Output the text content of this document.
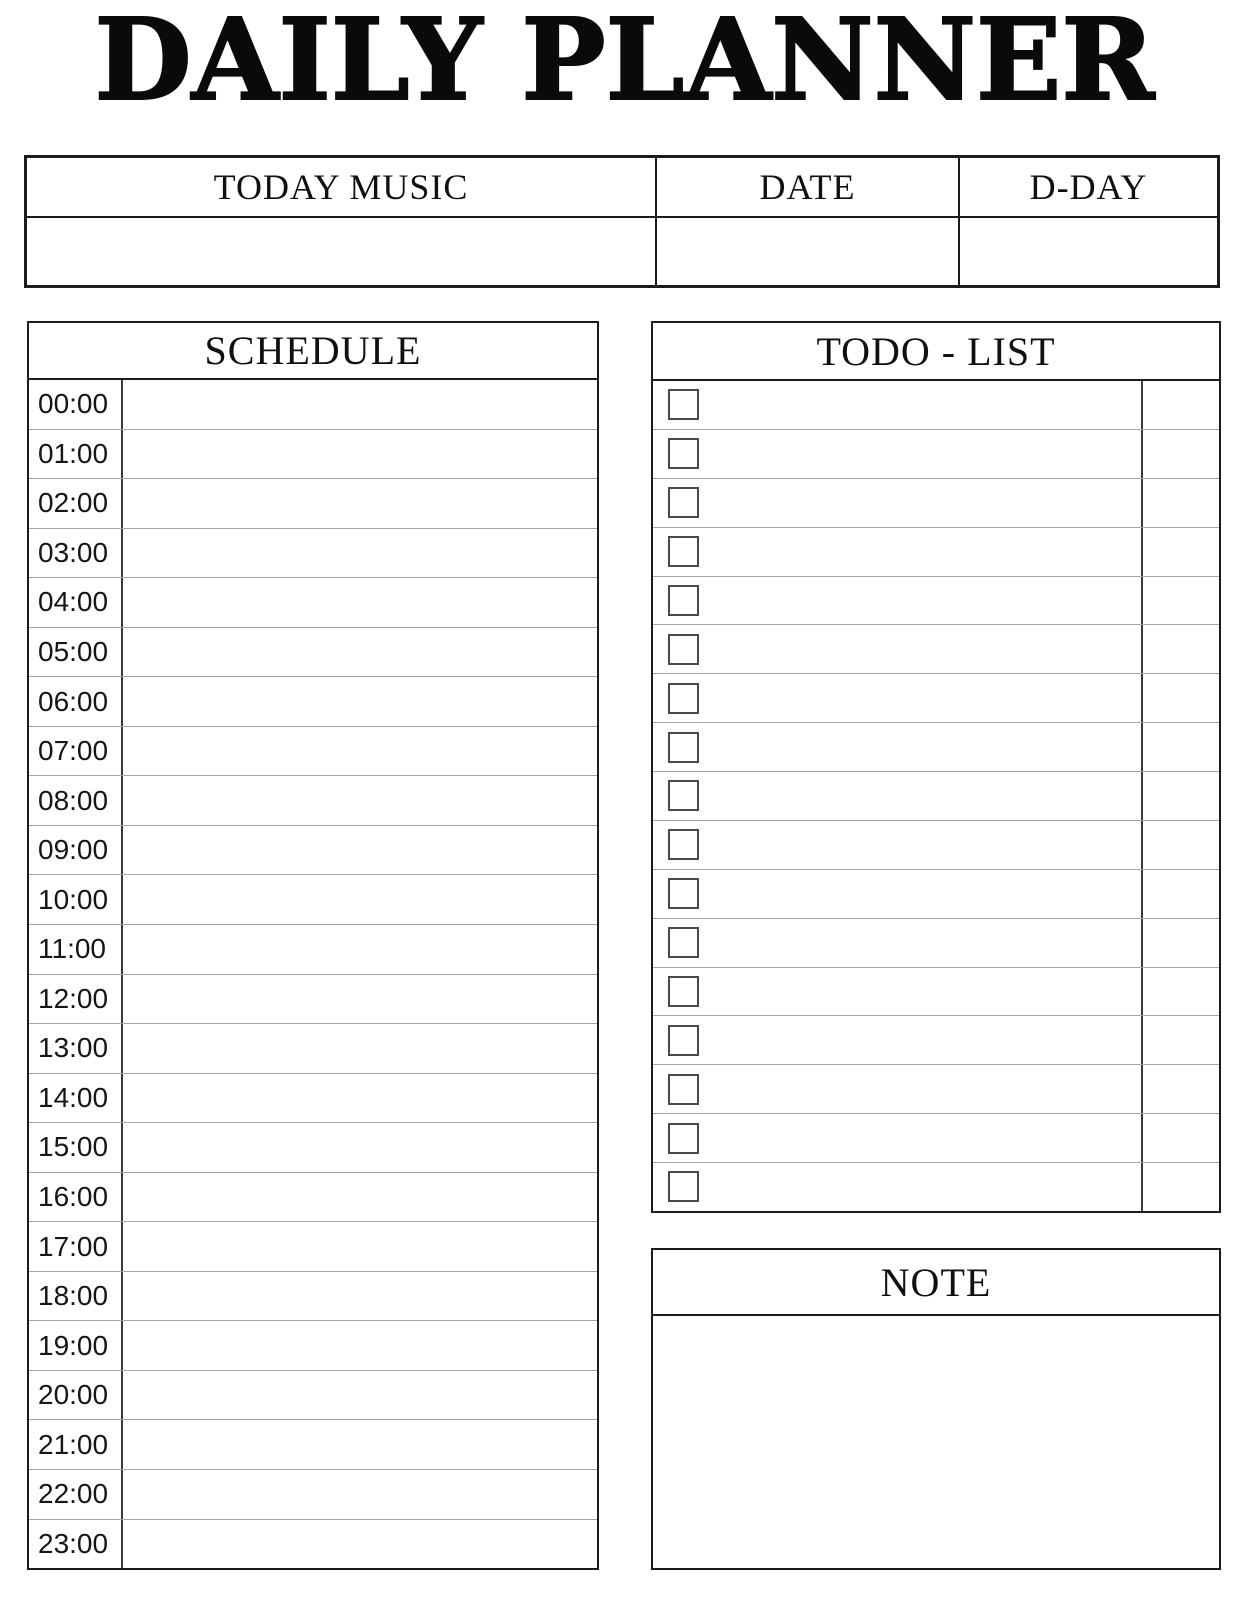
DAILY PLANNER
TODAY MUSIC	DATE	D-DAY
SCHEDULE
00:00
01:00
02:00
03:00
04:00
05:00
06:00
07:00
08:00
09:00
10:00
11:00
12:00
13:00
14:00
15:00
16:00
17:00
18:00
19:00
20:00
21:00
22:00
23:00
TODO - LIST
NOTE
